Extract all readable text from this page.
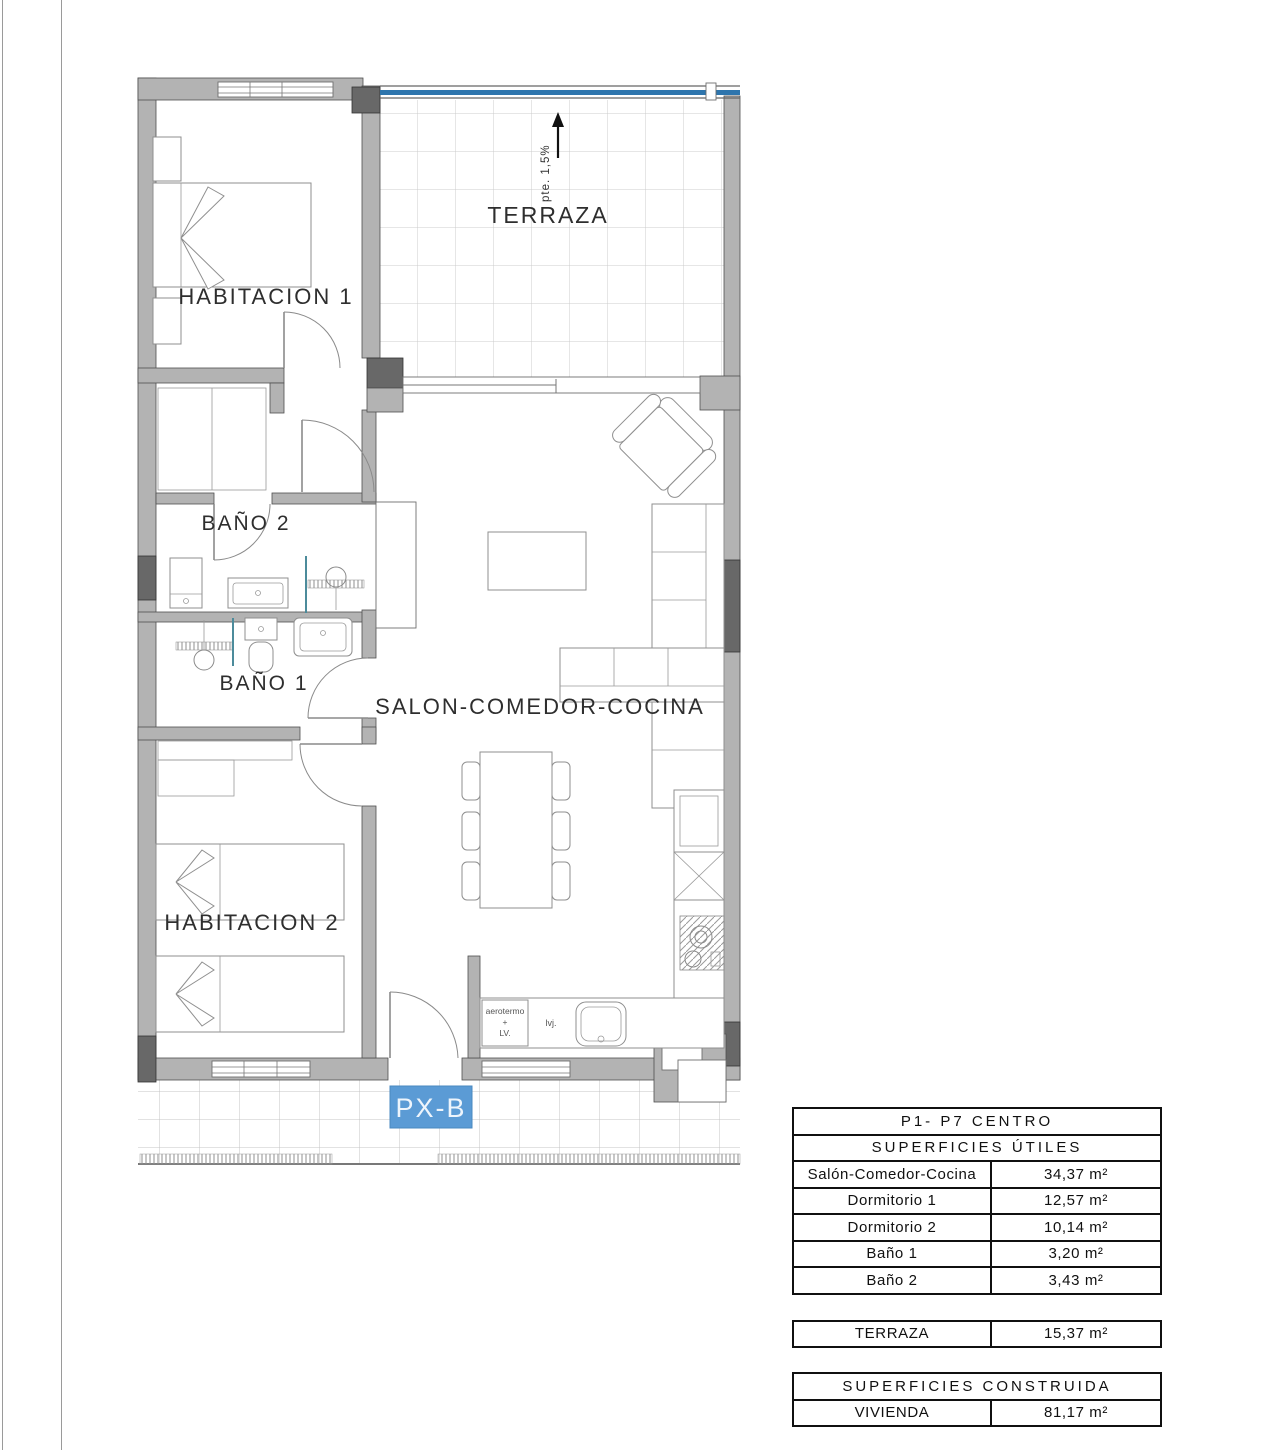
aerotermo
+
LV.
lvj.
pte. 1,5%
HABITACION 1
TERRAZA
BAÑO 2
BAÑO 1
SALON-COMEDOR-COCINA
HABITACION 2
PX-B	P1- P7 CENTRO
SUPERFICIES ÚTILES
Salón-Comedor-Cocina	34,37 m²
Dormitorio 1	12,57 m²
Dormitorio 2	10,14 m²
Baño 1	3,20 m²
Baño 2	3,43 m²
TERRAZA	15,37 m²
SUPERFICIES CONSTRUIDA
VIVIENDA	81,17 m²
